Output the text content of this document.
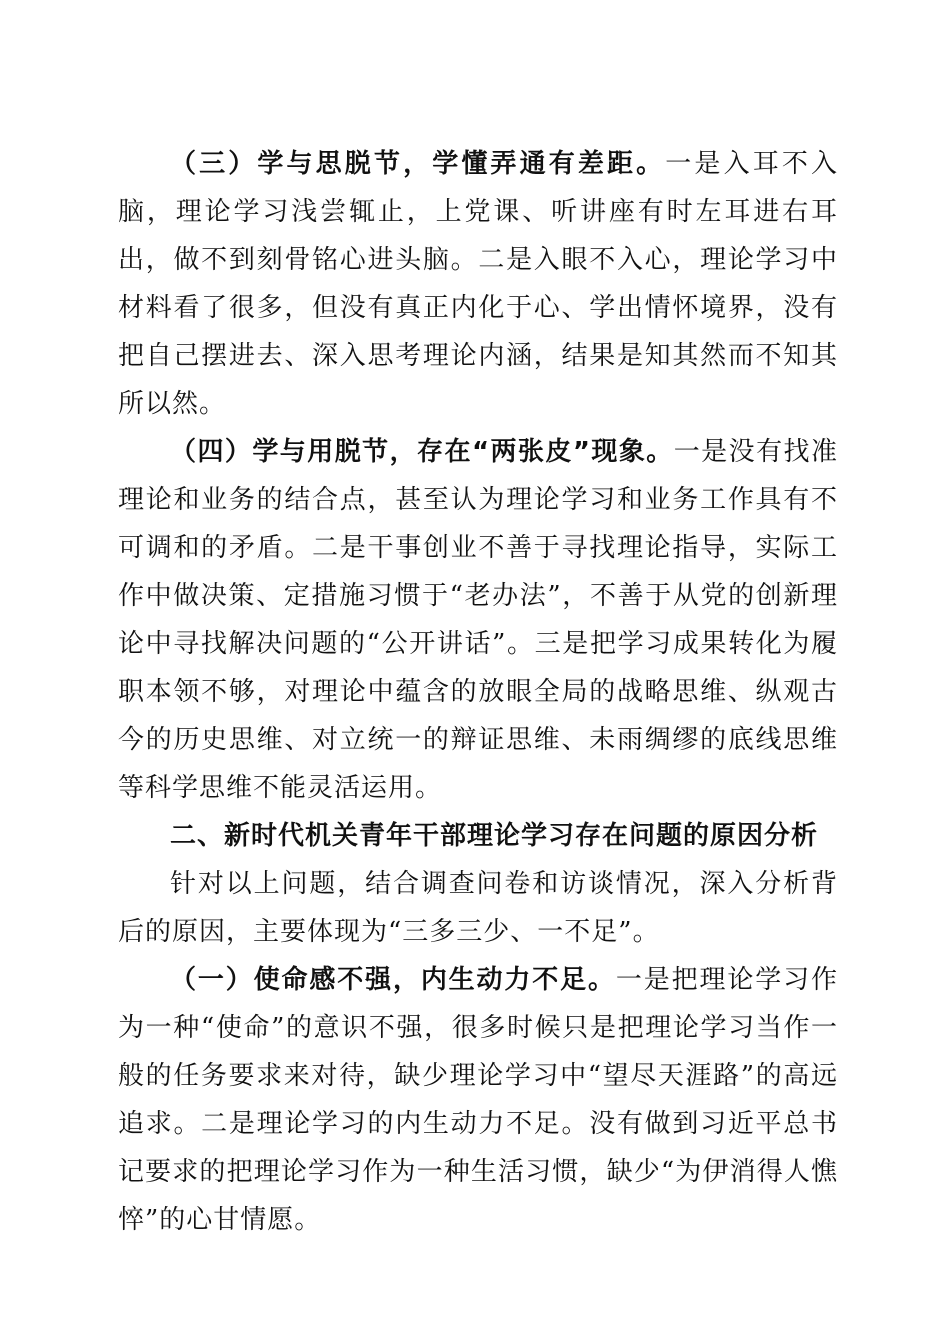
（三）学与思脱节，学懂弄通有差距。一是入耳不入脑，理论学习浅尝辄止，上党课、听讲座有时左耳进右耳出，做不到刻骨铭心进头脑。二是入眼不入心，理论学习中材料看了很多，但没有真正内化于心、学出情怀境界，没有把自己摆进去、深入思考理论内涵，结果是知其然而不知其所以然。

（四）学与用脱节，存在“两张皮”现象。一是没有找准理论和业务的结合点，甚至认为理论学习和业务工作具有不可调和的矛盾。二是干事创业不善于寻找理论指导，实际工作中做决策、定措施习惯于“老办法”，不善于从党的创新理论中寻找解决问题的“公开讲话”。三是把学习成果转化为履职本领不够，对理论中蕴含的放眼全局的战略思维、纵观古今的历史思维、对立统一的辩证思维、未雨绸缪的底线思维等科学思维不能灵活运用。

二、新时代机关青年干部理论学习存在问题的原因分析

针对以上问题，结合调查问卷和访谈情况，深入分析背后的原因，主要体现为“三多三少、一不足”。

（一）使命感不强，内生动力不足。一是把理论学习作为一种“使命”的意识不强，很多时候只是把理论学习当作一般的任务要求来对待，缺少理论学习中“望尽天涯路”的高远追求。二是理论学习的内生动力不足。没有做到习近平总书记要求的把理论学习作为一种生活习惯，缺少“为伊消得人憔悴”的心甘情愿。
